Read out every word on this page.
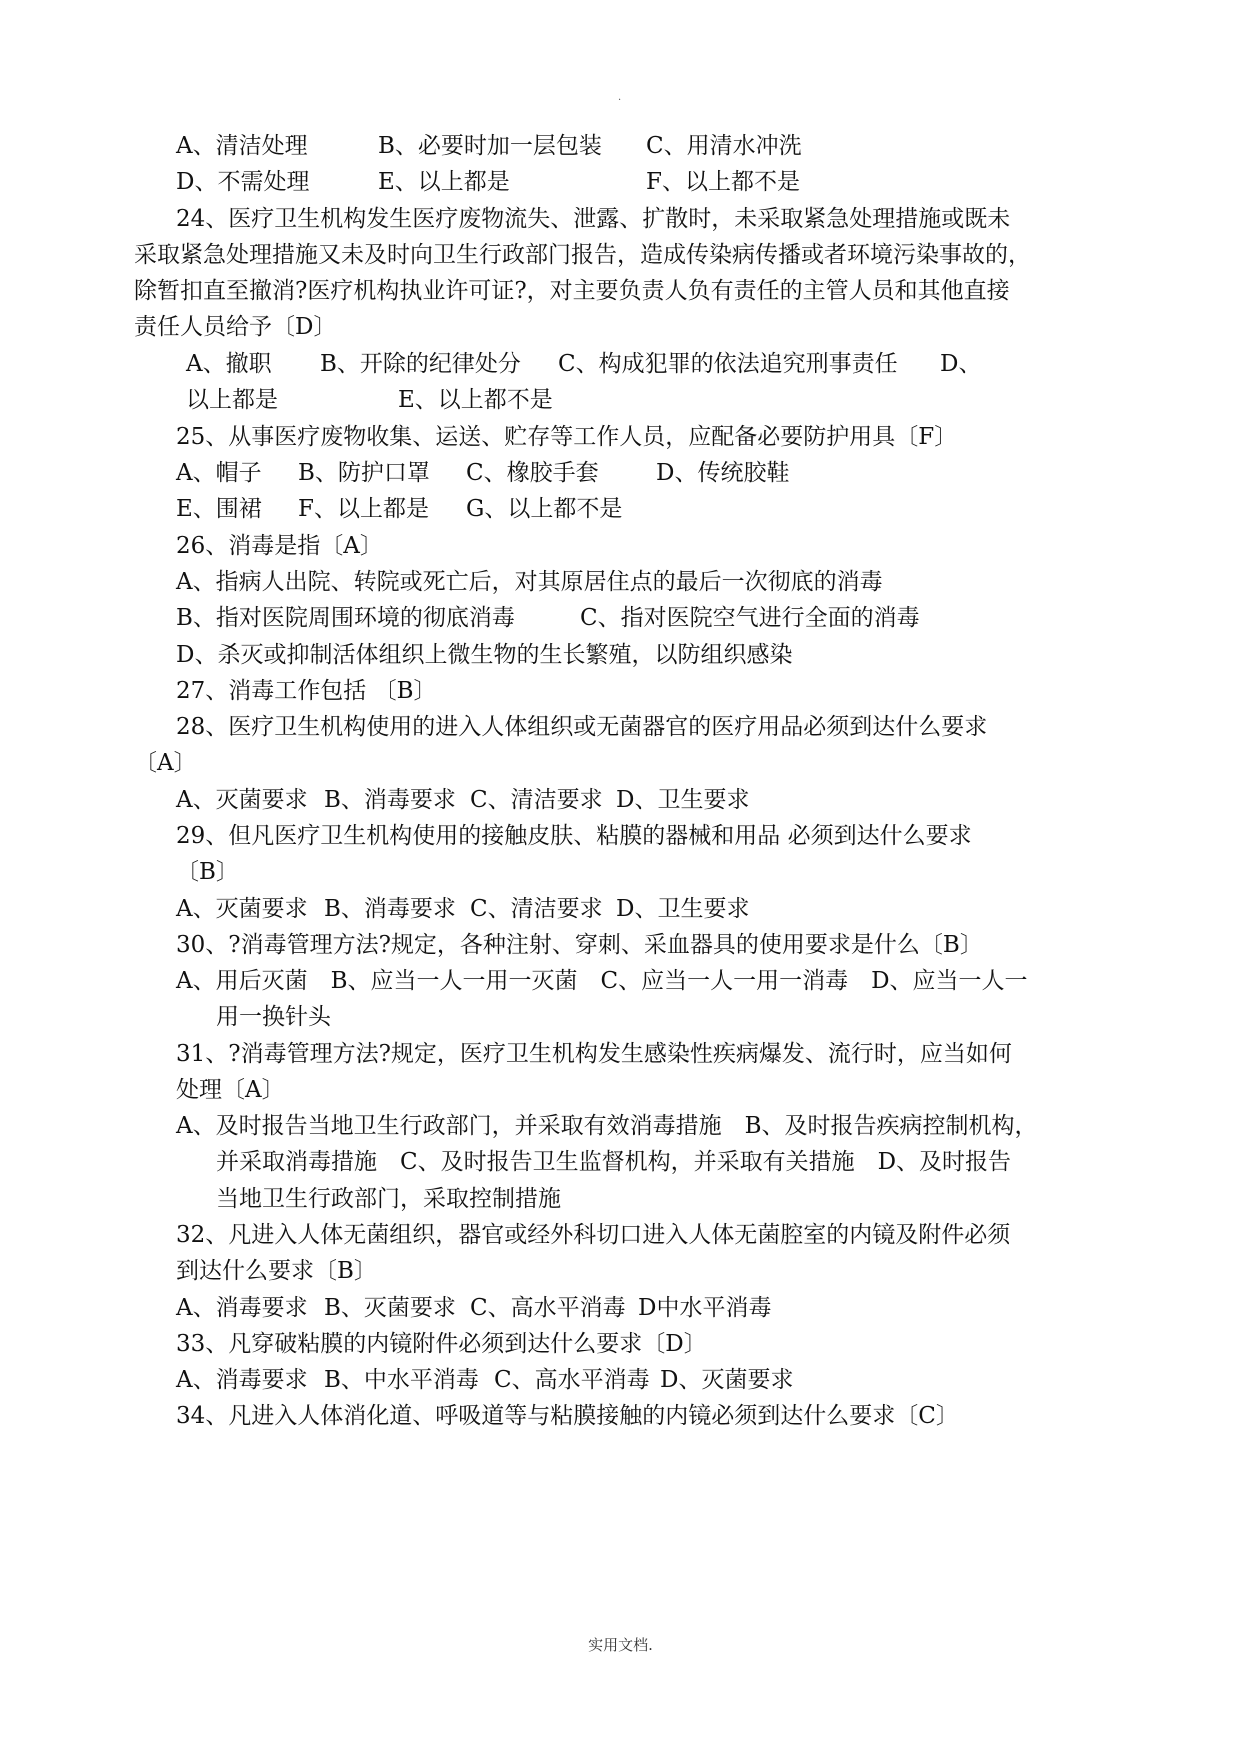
.
A、清洁处理	B、必要时加一层包装 C、用清水冲洗
D、不需处理	E、以上都是	F、以上都不是
24、医疗卫生机构发生医疗废物流失、泄露、扩散时，未采取紧急处理措施或既未
采取紧急处理措施又未及时向卫生行政部门报告，造成传染病传播或者环境污染事故的，
除暂扣直至撤消?医疗机构执业许可证?，对主要负责人负有责任的主管人员和其他直接
责任人员给予〔D〕
A、撤职 B、开除的纪律处分 C、构成犯罪的依法追究刑事责任 D、
以上都是	E、以上都不是
25、从事医疗废物收集、运送、贮存等工作人员，应配备必要防护用具〔F〕
A、帽子 B、防护口罩 C、橡胶手套 D、传统胶鞋
E、围裙 F、以上都是 G、以上都不是
26、消毒是指〔A〕
A、指病人出院、转院或死亡后，对其原居住点的最后一次彻底的消毒
B、指对医院周围环境的彻底消毒	C、指对医院空气进行全面的消毒
D、杀灭或抑制活体组织上微生物的生长繁殖，以防组织感染
27、消毒工作包括 〔B〕
28、医疗卫生机构使用的进入人体组织或无菌器官的医疗用品必须到达什么要求
〔A〕
A、灭菌要求 B、消毒要求 C、清洁要求 D、卫生要求
29、但凡医疗卫生机构使用的接触皮肤、粘膜的器械和用品 必须到达什么要求
〔B〕
A、灭菌要求 B、消毒要求 C、清洁要求 D、卫生要求
30、?消毒管理方法?规定，各种注射、穿刺、采血器具的使用要求是什么〔B〕
A、用后灭菌　B、应当一人一用一灭菌　C、应当一人一用一消毒　D、应当一人一
用一换针头
31、?消毒管理方法?规定，医疗卫生机构发生感染性疾病爆发、流行时，应当如何
处理〔A〕
A、及时报告当地卫生行政部门，并采取有效消毒措施　B、及时报告疾病控制机构，
并采取消毒措施　C、及时报告卫生监督机构，并采取有关措施　D、及时报告
当地卫生行政部门，采取控制措施
32、凡进入人体无菌组织，器官或经外科切口进入人体无菌腔室的内镜及附件必须
到达什么要求〔B〕
A、消毒要求 B、灭菌要求 C、高水平消毒 D中水平消毒
33、凡穿破粘膜的内镜附件必须到达什么要求〔D〕
A、消毒要求 B、中水平消毒 C、高水平消毒 D、灭菌要求
34、凡进入人体消化道、呼吸道等与粘膜接触的内镜必须到达什么要求〔C〕
实用文档.
